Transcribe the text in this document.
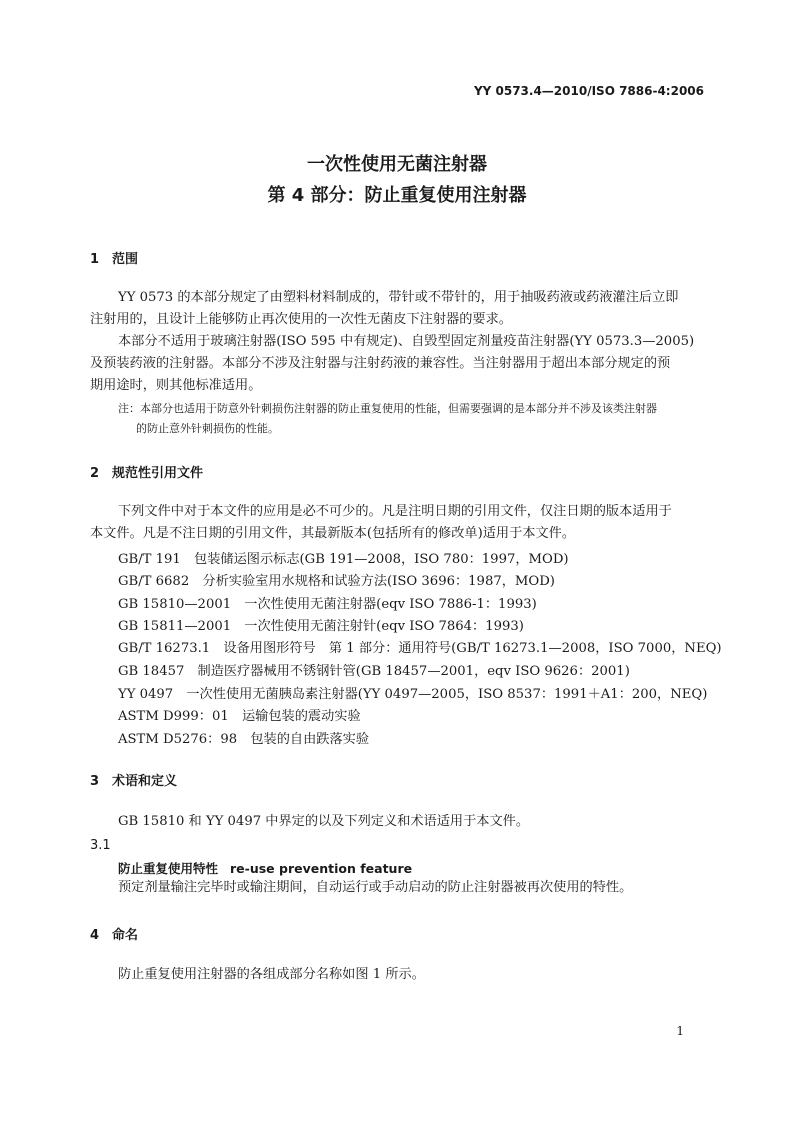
YY 0573.4—2010/ISO 7886-4:2006
一次性使用无菌注射器
第 4 部分：防止重复使用注射器
1 范围
YY 0573 的本部分规定了由塑料材料制成的，带针或不带针的，用于抽吸药液或药液灌注后立即
注射用的，且设计上能够防止再次使用的一次性无菌皮下注射器的要求。
本部分不适用于玻璃注射器(ISO 595 中有规定)、自毁型固定剂量疫苗注射器(YY 0573.3—2005)
及预装药液的注射器。本部分不涉及注射器与注射药液的兼容性。当注射器用于超出本部分规定的预
期用途时，则其他标准适用。
注：本部分也适用于防意外针刺损伤注射器的防止重复使用的性能，但需要强调的是本部分并不涉及该类注射器
的防止意外针刺损伤的性能。
2 规范性引用文件
下列文件中对于本文件的应用是必不可少的。凡是注明日期的引用文件，仅注日期的版本适用于
本文件。凡是不注日期的引用文件，其最新版本(包括所有的修改单)适用于本文件。
GB/T 191　包装储运图示标志(GB 191—2008，ISO 780：1997，MOD)
GB/T 6682　分析实验室用水规格和试验方法(ISO 3696：1987，MOD)
GB 15810—2001　一次性使用无菌注射器(eqv ISO 7886-1：1993)
GB 15811—2001　一次性使用无菌注射针(eqv ISO 7864：1993)
GB/T 16273.1　设备用图形符号　第 1 部分：通用符号(GB/T 16273.1—2008，ISO 7000，NEQ)
GB 18457　制造医疗器械用不锈钢针管(GB 18457—2001，eqv ISO 9626：2001)
YY 0497　一次性使用无菌胰岛素注射器(YY 0497—2005，ISO 8537：1991＋A1：200，NEQ)
ASTM D999：01　运输包装的震动实验
ASTM D5276：98　包装的自由跌落实验
3 术语和定义
GB 15810 和 YY 0497 中界定的以及下列定义和术语适用于本文件。
3.1
防止重复使用特性 re-use prevention feature
预定剂量输注完毕时或输注期间，自动运行或手动启动的防止注射器被再次使用的特性。
4 命名
防止重复使用注射器的各组成部分名称如图 1 所示。
1
